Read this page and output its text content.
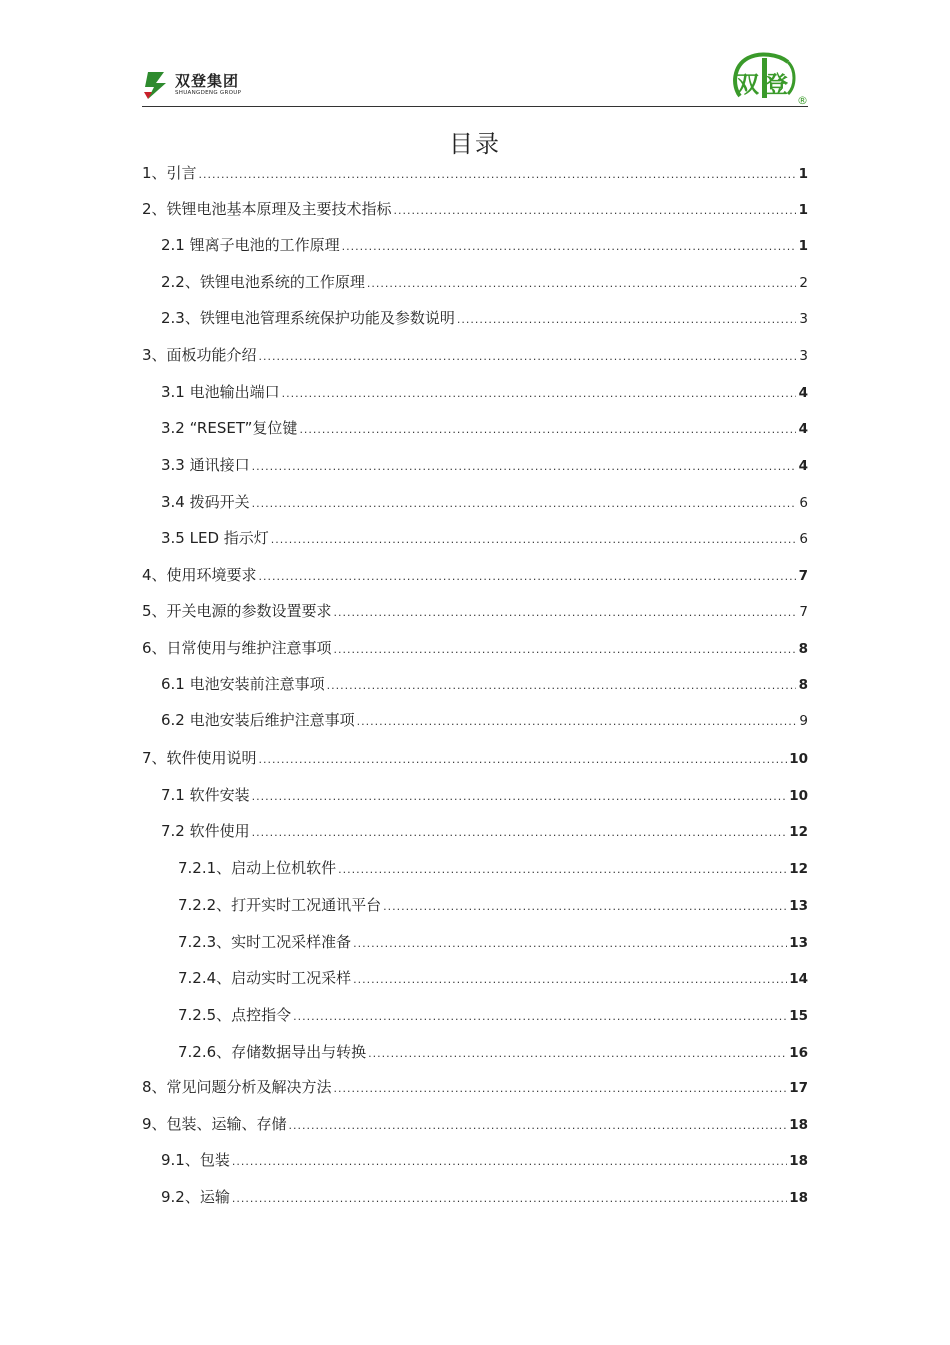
双登集团
SHUANGDENG GROUP	双登
®
目录
1、引言 .....	1
2、铁锂电池基本原理及主要技术指标 .....	1
2.1 锂离子电池的工作原理 .....	1
2.2、铁锂电池系统的工作原理 .....	2
2.3、铁锂电池管理系统保护功能及参数说明 .....	3
3、面板功能介绍 .....	3
3.1 电池输出端口 .....	4
3.2 “RESET”复位键 .....	4
3.3 通讯接口 .....	4
3.4 拨码开关 .....	6
3.5 LED 指示灯 .....	6
4、使用环境要求 .....	7
5、开关电源的参数设置要求 .....	7
6、日常使用与维护注意事项 .....	8
6.1 电池安装前注意事项 .....	8
6.2 电池安装后维护注意事项 .....	9
7、软件使用说明 .....	10
7.1 软件安装 .....	10
7.2 软件使用 .....	12
7.2.1、启动上位机软件 .....	12
7.2.2、打开实时工况通讯平台 .....	13
7.2.3、实时工况采样准备 .....	13
7.2.4、启动实时工况采样 .....	14
7.2.5、点控指令 .....	15
7.2.6、存储数据导出与转换 .....	16
8、常见问题分析及解决方法 .....	17
9、包装、运输、存储 .....	18
9.1、包装 .....	18
9.2、运输 .....	18
